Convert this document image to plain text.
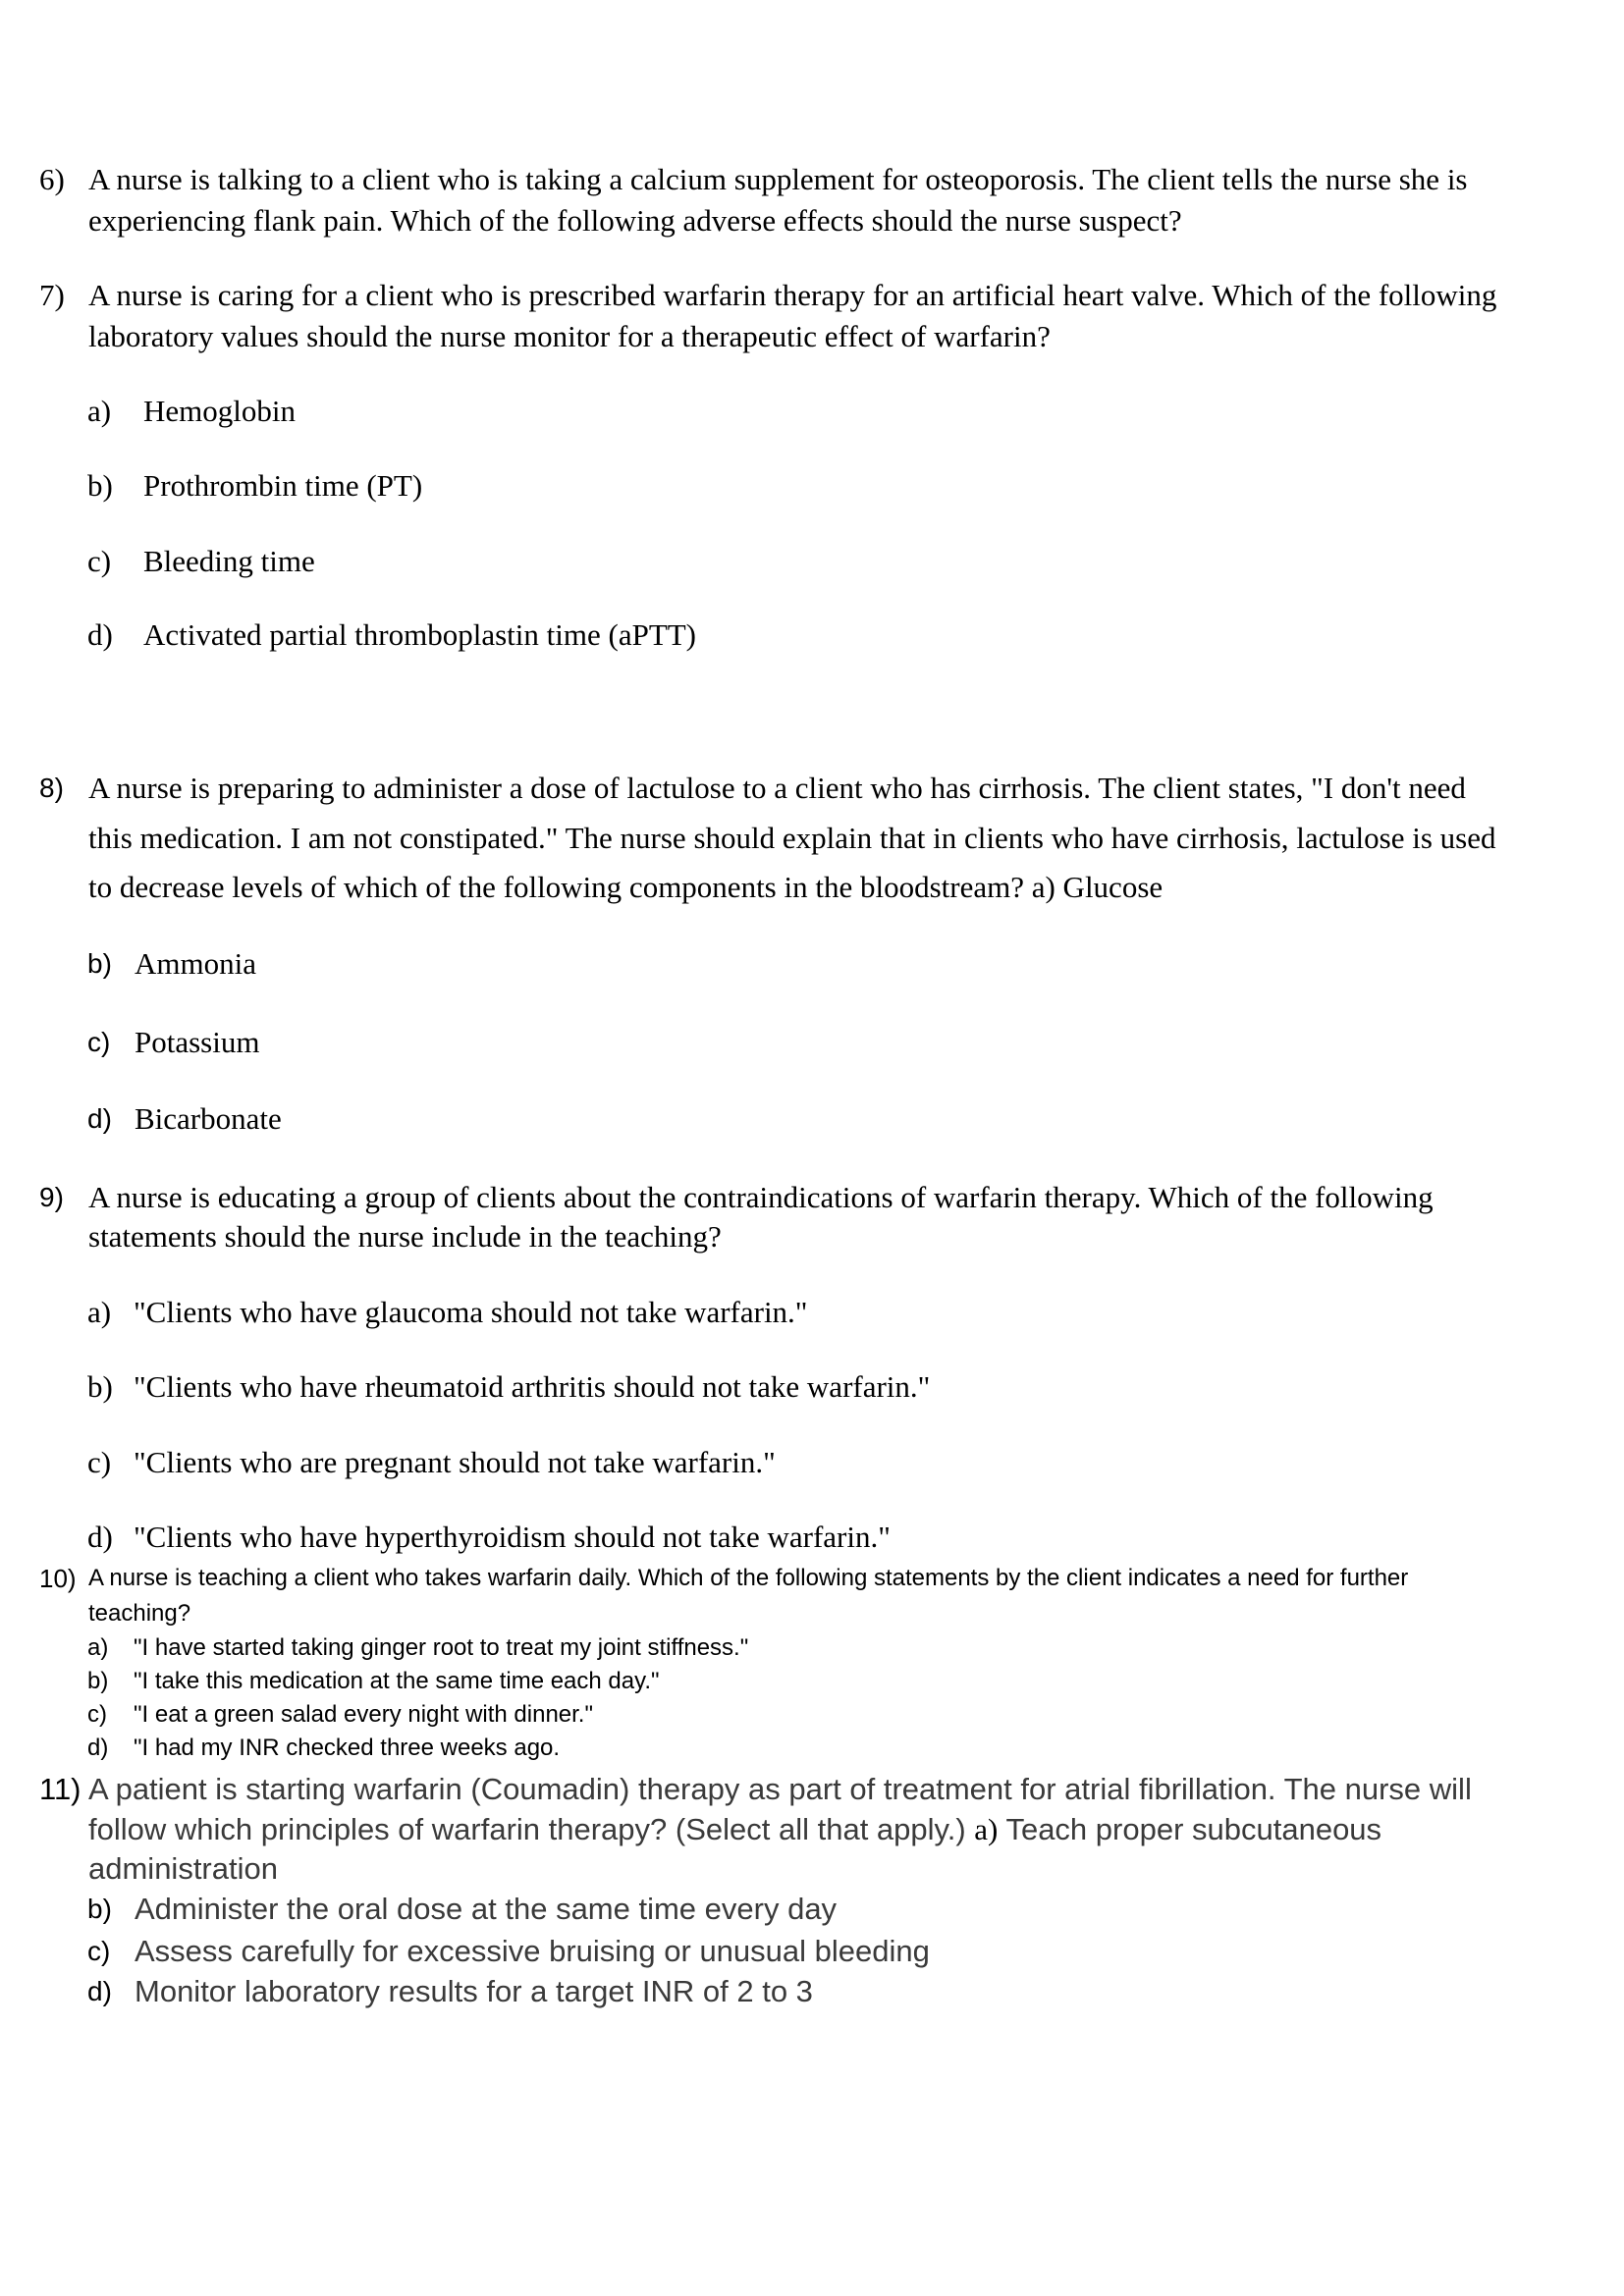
6) A nurse is talking to a client who is taking a calcium supplement for osteoporosis. The client tells the nurse she is
experiencing flank pain. Which of the following adverse effects should the nurse suspect?
7) A nurse is caring for a client who is prescribed warfarin therapy for an artificial heart valve. Which of the following
laboratory values should the nurse monitor for a therapeutic effect of warfarin?
a) Hemoglobin
b) Prothrombin time (PT)
c) Bleeding time
d) Activated partial thromboplastin time (aPTT)
8) A nurse is preparing to administer a dose of lactulose to a client who has cirrhosis. The client states, "I don't need
this medication. I am not constipated." The nurse should explain that in clients who have cirrhosis, lactulose is used
to decrease levels of which of the following components in the bloodstream? a) Glucose
b) Ammonia
c) Potassium
d) Bicarbonate
9) A nurse is educating a group of clients about the contraindications of warfarin therapy. Which of the following
statements should the nurse include in the teaching?
a) "Clients who have glaucoma should not take warfarin."
b) "Clients who have rheumatoid arthritis should not take warfarin."
c) "Clients who are pregnant should not take warfarin."
d) "Clients who have hyperthyroidism should not take warfarin."
10) A nurse is teaching a client who takes warfarin daily. Which of the following statements by the client indicates a need for further
teaching?
a) "I have started taking ginger root to treat my joint stiffness."
b) "I take this medication at the same time each day."
c) "I eat a green salad every night with dinner."
d) "I had my INR checked three weeks ago.
11) A patient is starting warfarin (Coumadin) therapy as part of treatment for atrial fibrillation. The nurse will
follow which principles of warfarin therapy? (Select all that apply.) a) Teach proper subcutaneous
administration
b) Administer the oral dose at the same time every day
c) Assess carefully for excessive bruising or unusual bleeding
d) Monitor laboratory results for a target INR of 2 to 3
